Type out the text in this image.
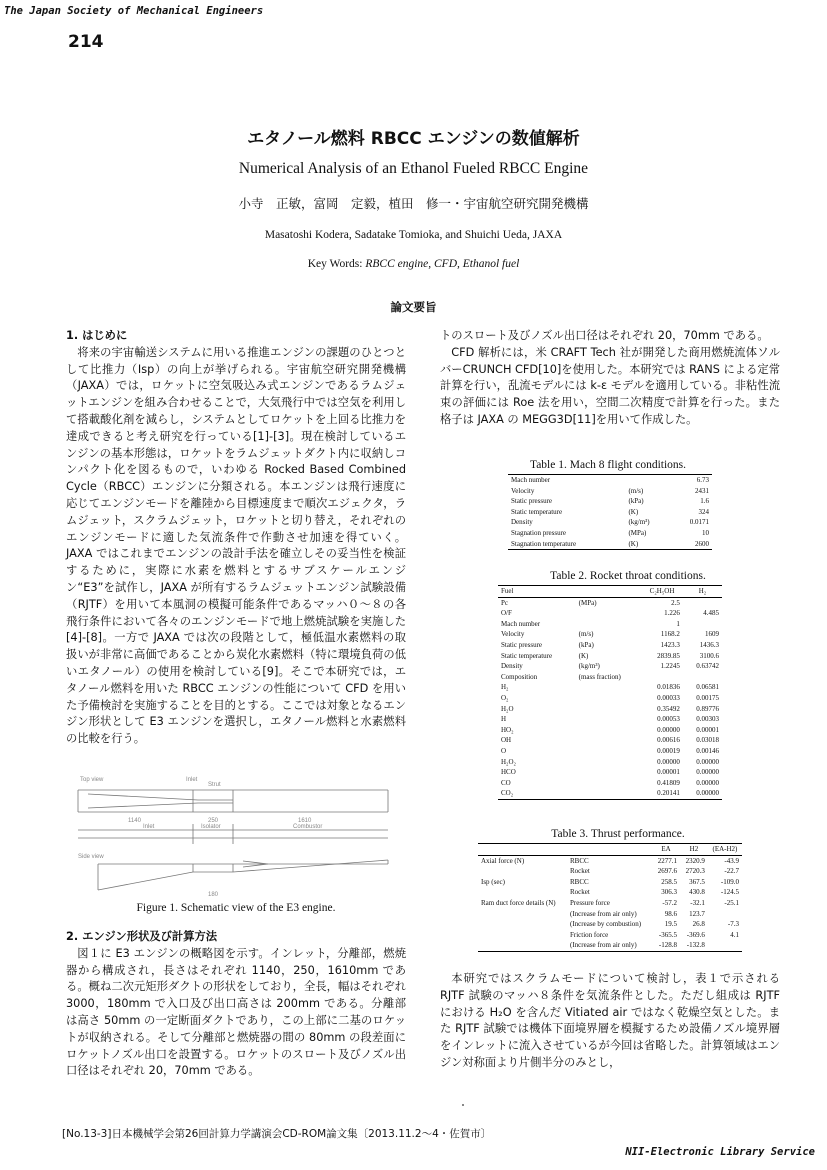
The Japan Society of Mechanical Engineers
214
エタノール燃料 RBCC エンジンの数値解析
Numerical Analysis of an Ethanol Fueled RBCC Engine
小寺　正敏，富岡　定毅，植田　修一・宇宙航空研究開発機構
Masatoshi Kodera, Sadatake Tomioka, and Shuichi Ueda, JAXA
Key Words: RBCC engine, CFD, Ethanol fuel
論文要旨
1. はじめに

将来の宇宙輸送システムに用いる推進エンジンの課題のひとつとして比推力（Isp）の向上が挙げられる。宇宙航空研究開発機構（JAXA）では，ロケットに空気吸込み式エンジンであるラムジェットエンジンを組み合わせることで，大気飛行中では空気を利用して搭載酸化剤を減らし，システムとしてロケットを上回る比推力を達成できると考え研究を行っている[1]-[3]。現在検討しているエンジンの基本形態は，ロケットをラムジェットダクト内に収納しコンパクト化を図るもので，いわゆる Rocked Based Combined Cycle（RBCC）エンジンに分類される。本エンジンは飛行速度に応じてエンジンモードを離陸から目標速度まで順次エジェクタ，ラムジェット，スクラムジェット，ロケットと切り替え，それぞれのエンジンモードに適した気流条件で作動させ加速を得ていく。JAXA ではこれまでエンジンの設計手法を確立しその妥当性を検証するために，実際に水素を燃料とするサブスケールエンジン“E3”を試作し，JAXA が所有するラムジェットエンジン試験設備（RJTF）を用いて本風洞の模擬可能条件であるマッハ０～８の各飛行条件において各々のエンジンモードで地上燃焼試験を実施した[4]-[8]。一方で JAXA では次の段階として，極低温水素燃料の取扱いが非常に高価であることから炭化水素燃料（特に環境負荷の低いエタノール）の使用を検討している[9]。そこで本研究では，エタノール燃料を用いた RBCC エンジンの性能について CFD を用いた予備検討を実施することを目的とする。ここでは対象となるエンジン形状として E3 エンジンを選択し，エタノール燃料と水素燃料の比較を行う。

Top view	Inlet
Strut
Side view
1140	250	1610
Inlet	Isolator	Combustor
180
Figure 1. Schematic view of the E3 engine.
2. エンジン形状及び計算方法

図１に E3 エンジンの概略図を示す。インレット，分離部，燃焼器から構成され，長さはそれぞれ 1140，250，1610mm である。概ね二次元矩形ダクトの形状をしており，全長，幅はそれぞれ 3000，180mm で入口及び出口高さは 200mm である。分離部は高さ 50mm の一定断面ダクトであり，この上部に二基のロケットが収納される。そして分離部と燃焼器の間の 80mm の段差面にロケットノズル出口を設置する。ロケットのスロート及びノズル出口径はそれぞれ 20，70mm である。

トのスロート及びノズル出口径はそれぞれ 20，70mm である。

CFD 解析には，米 CRAFT Tech 社が開発した商用燃焼流体ソルバーCRUNCH CFD[10]を使用した。本研究では RANS による定常計算を行い，乱流モデルには k-ε モデルを適用している。非粘性流束の評価には Roe 法を用い，空間二次精度で計算を行った。また格子は JAXA の MEGG3D[11]を用いて作成した。

Table 1. Mach 8 flight conditions.
Mach number		6.73
Velocity	(m/s)	2431
Static pressure	(kPa)	1.6
Static temperature	(K)	324
Density	(kg/m³)	0.0171
Stagnation pressure	(MPa)	10
Stagnation temperature	(K)	2600
Table 2. Rocket throat conditions.
Fuel		C₂H₅OH	H₂
Pc	(MPa)	2.5	
O/F		1.226	4.485
Mach number		1	
Velocity	(m/s)	1168.2	1609
Static pressure	(kPa)	1423.3	1436.3
Static temperature	(K)	2839.85	3100.6
Density	(kg/m³)	1.2245	0.63742
Composition	(mass fraction)		
H₂		0.01836	0.06581
O₂		0.00033	0.00175
H₂O		0.35492	0.89776
H		0.00053	0.00303
HO₂		0.00000	0.00001
OH		0.00616	0.03018
O		0.00019	0.00146
H₂O₂		0.00000	0.00000
HCO		0.00001	0.00000
CO		0.41809	0.00000
CO₂		0.20141	0.00000
Table 3. Thrust performance.
		EA	H2	(EA-H2)
Axial force (N)	RBCC	2277.1	2320.9	-43.9
	Rocket	2697.6	2720.3	-22.7
Isp (sec)	RBCC	258.5	367.5	-109.0
	Rocket	306.3	430.8	-124.5
Ram duct force details (N)	Pressure force	-57.2	-32.1	-25.1
	(Increase from air only)	98.6	123.7	
	(Increase by combustion)	19.5	26.8	-7.3
	Friction force	-365.5	-369.6	4.1
	(Increase from air only)	-128.8	-132.8	

本研究ではスクラムモードについて検討し，表１で示される RJTF 試験のマッハ８条件を気流条件とした。ただし組成は RJTF における H₂O を含んだ Vitiated air ではなく乾燥空気とした。また RJTF 試験では機体下面境界層を模擬するため設備ノズル境界層をインレットに流入させているが今回は省略した。計算領域はエンジン対称面より片側半分のみとし，

[No.13-3]日本機械学会第26回計算力学講演会CD-ROM論文集〔2013.11.2～4・佐賀市〕
NII-Electronic Library Service
